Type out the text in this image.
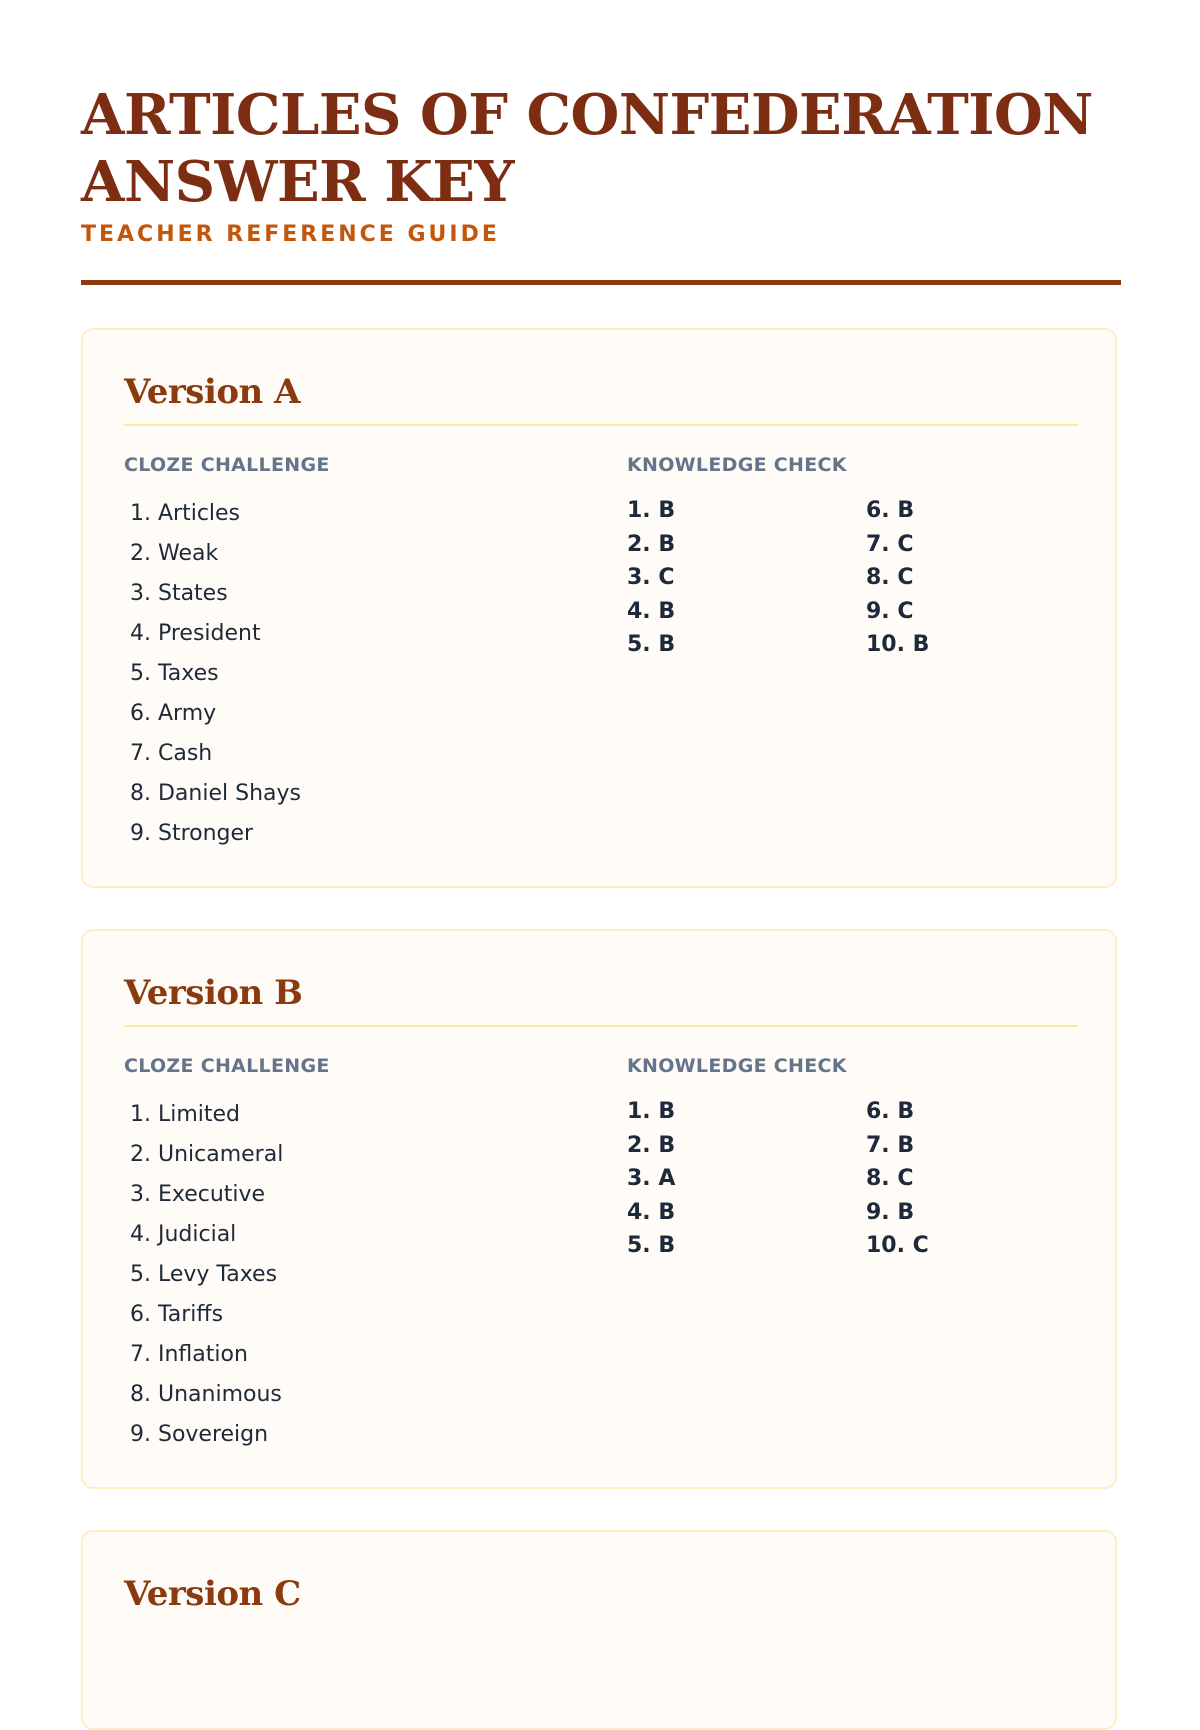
ARTICLES OF CONFEDERATION ANSWER KEY
TEACHER REFERENCE GUIDE
Version A
CLOZE CHALLENGE	KNOWLEDGE CHECK
1. Articles
2. Weak
3. States
4. President
5. Taxes
6. Army
7. Cash
8. Daniel Shays
9. Stronger
1. B
2. B
3. C
4. B
5. B
6. B
7. C
8. C
9. C
10. B
Version B
CLOZE CHALLENGE	KNOWLEDGE CHECK
1. Limited
2. Unicameral
3. Executive
4. Judicial
5. Levy Taxes
6. Tariffs
7. Inflation
8. Unanimous
9. Sovereign
1. B
2. B
3. A
4. B
5. B
6. B
7. B
8. C
9. B
10. C
Version C
